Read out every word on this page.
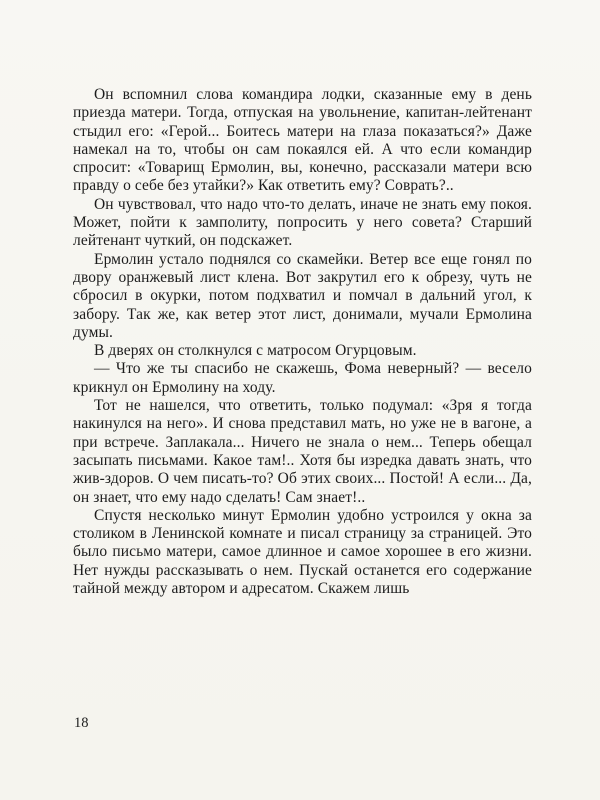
Он вспомнил слова командира лодки, сказанные ему в день приезда матери. Тогда, отпуская на увольнение, капитан-лейтенант стыдил его: «Герой... Боитесь матери на глаза показаться?» Даже намекал на то, чтобы он сам покаялся ей. А что если командир спросит: «Товарищ Ермолин, вы, конечно, рассказали матери всю правду о себе без утайки?» Как ответить ему? Соврать?..

Он чувствовал, что надо что-то делать, иначе не знать ему покоя. Может, пойти к замполиту, попросить у него совета? Старший лейтенант чуткий, он подскажет.

Ермолин устало поднялся со скамейки. Ветер все еще гонял по двору оранжевый лист клена. Вот закрутил его к обрезу, чуть не сбросил в окурки, потом подхватил и помчал в дальний угол, к забору. Так же, как ветер этот лист, донимали, мучали Ермолина думы.

В дверях он столкнулся с матросом Огурцовым.

— Что же ты спасибо не скажешь, Фома неверный? — весело крикнул он Ермолину на ходу.

Тот не нашелся, что ответить, только подумал: «Зря я тогда накинулся на него». И снова представил мать, но уже не в вагоне, а при встрече. Заплакала... Ничего не знала о нем... Теперь обещал засыпать письмами. Какое там!.. Хотя бы изредка давать знать, что жив-здоров. О чем писать-то? Об этих своих... Постой! А если... Да, он знает, что ему надо сделать! Сам знает!..

Спустя несколько минут Ермолин удобно устроился у окна за столиком в Ленинской комнате и писал страницу за страницей. Это было письмо матери, самое длинное и самое хорошее в его жизни. Нет нужды рассказывать о нем. Пускай останется его содержание тайной между автором и адресатом. Скажем лишь

18
